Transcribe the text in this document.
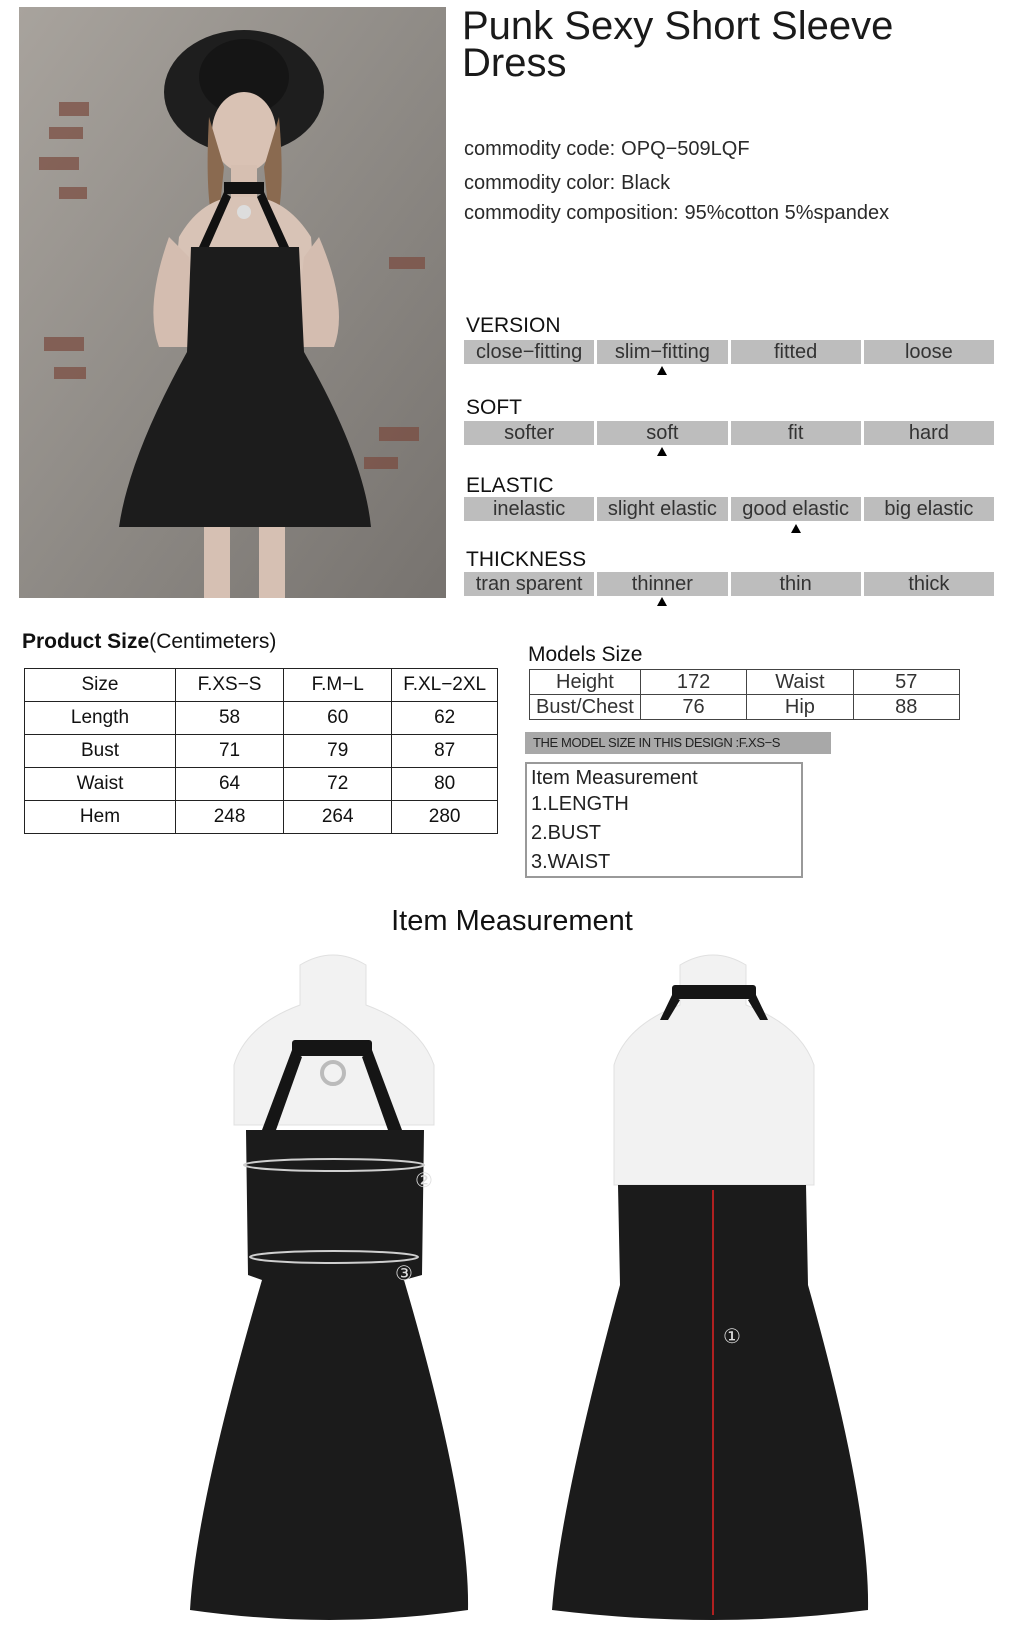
Punk Sexy Short Sleeve Dress
commodity code: OPQ−509LQF
commodity color: Black
commodity composition: 95%cotton 5%spandex
VERSION
close−fitting	slim−fitting	fitted	loose
SOFT
softer	soft	fit	hard
ELASTIC
inelastic	slight elastic	good elastic	big elastic
THICKNESS
tran sparent	thinner	thin	thick
Product Size(Centimeters)
Size	F.XS−S	F.M−L	F.XL−2XL
Length	58	60	62
Bust	71	79	87
Waist	64	72	80
Hem	248	264	280
Models Size
Height	172	Waist	57
Bust/Chest	76	Hip	88
THE MODEL SIZE IN THIS DESIGN :F.XS−S
Item Measurement
1.LENGTH
2.BUST
3.WAIST
Item Measurement
②
③
①
